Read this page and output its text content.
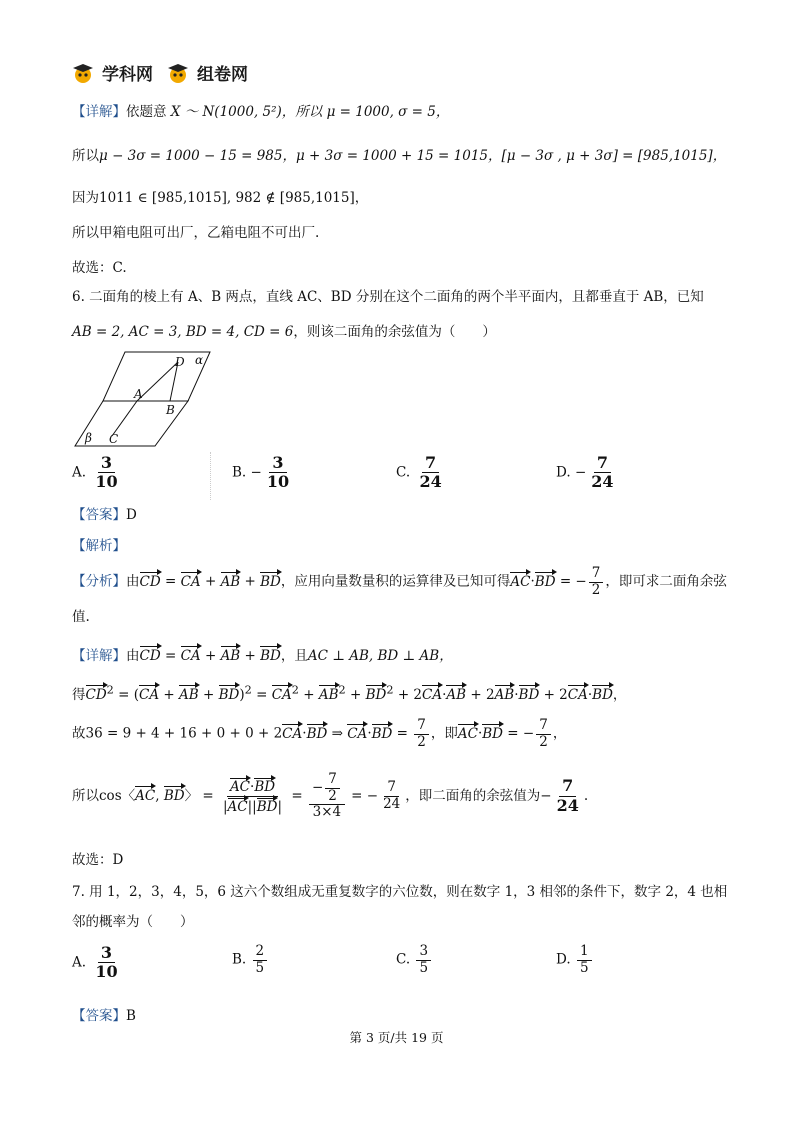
学科网	组卷网
【详解】依题意 X ～ N(1000, 5²)，所以 μ = 1000, σ = 5，
所以μ − 3σ = 1000 − 15 = 985，μ + 3σ = 1000 + 15 = 1015，[μ − 3σ , μ + 3σ] = [985,1015]，
因为1011 ∈ [985,1015], 982 ∉ [985,1015]，
所以甲箱电阻可出厂，乙箱电阻不可出厂.
故选：C.
6. 二面角的棱上有 A、B 两点，直线 AC、BD 分别在这个二面角的两个半平面内，且都垂直于 AB，已知
AB = 2, AC = 3, BD = 4, CD = 6，则该二面角的余弦值为（　　）
D α
A
B
β C
A. $\frac{3}{10}$	B. − $\frac{3}{10}$	C. $\frac{7}{24}$	D. − $\frac{7}{24}$
【答案】D
【解析】
【分析】由CD = CA + AB + BD，应用向量数量积的运算律及已知可得AC·BD = − $\frac{7}{2}$ ，即可求二面角余弦
值.
【详解】由CD = CA + AB + BD，且AC ⊥ AB, BD ⊥ AB，
得$CD^2 = (CA$ + AB + $BD)^2 = CA^2 + AB^2 + BD^2 + 2CA\cdot AB + 2AB\cdot BD + 2CA\cdot BD$，
故36 = 9 + 4 + 16 + 0 + 0 + 2CA·BD ⇒ $CA\cdot BD = \frac{7}{2}$ ，即AC·BD = − $\frac{7}{2}$ ，
所以cos〈AC, BD〉 = $\frac{AC\cdot BD}{|AC||BD|} = \frac{- \frac{7}{2}}{3\times 4}$ = − $\frac{7}{24}$ ，即二面角的余弦值为− $\frac{7}{24}$ .
故选：D
7. 用 1，2，3，4，5，6 这六个数组成无重复数字的六位数，则在数字 1，3 相邻的条件下，数字 2，4 也相
邻的概率为（　　）
A. $\frac{3}{10}$	B. $\frac{2}{5}$	C. $\frac{3}{5}$	D. $\frac{1}{5}$
【答案】B
第 3 页/共 19 页
